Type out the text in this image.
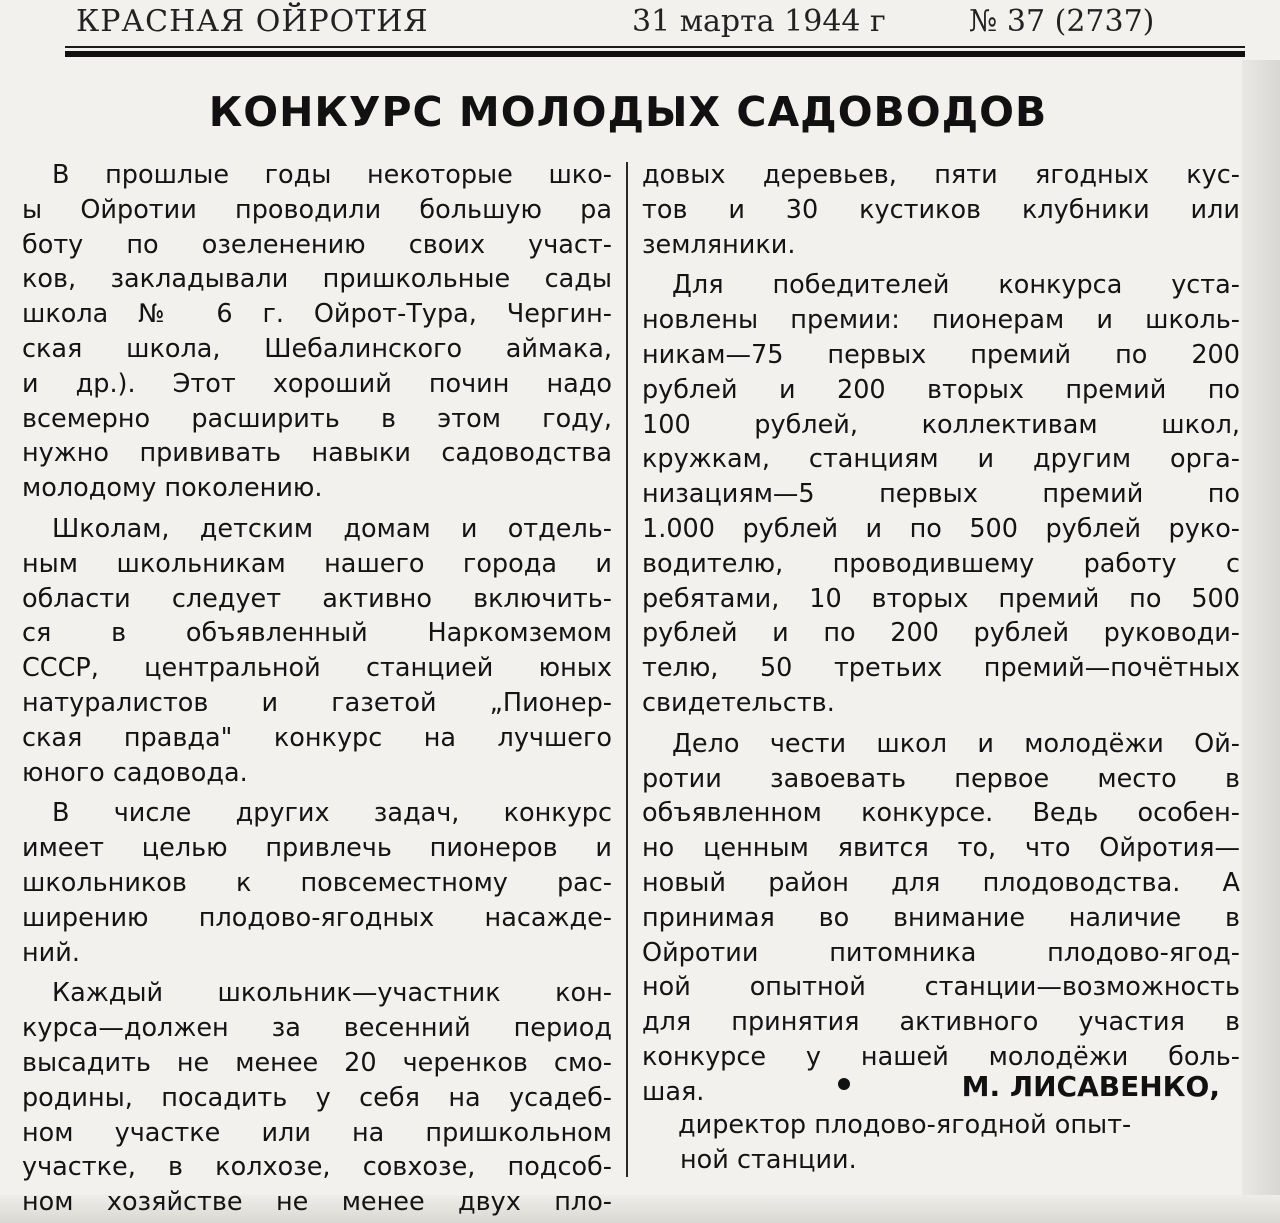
КРАСНАЯ ОЙРОТИЯ	31 марта 1944 г	№ 37 (2737)
КОНКУРС МОЛОДЫХ САДОВОДОВ
В прошлые годы некоторые шко-
ы Ойротии проводили большую ра
боту по озеленению своих участ-
ков, закладывали пришкольные сады
школа № 6 г. Ойрот-Тура, Чергин-
ская школа, Шебалинского аймака,
и др.). Этот хороший почин надо
всемерно расширить в этом году,
нужно прививать навыки садоводства
молодому поколению.
Школам, детским домам и отдель-
ным школьникам нашего города и
области следует активно включить-
ся в объявленный Наркомземом
СССР, центральной станцией юных
натуралистов и газетой „Пионер-
ская правда" конкурс на лучшего
юного садовода.
В числе других задач, конкурс
имеет целью привлечь пионеров и
школьников к повсеместному рас-
ширению плодово-ягодных насажде-
ний.
Каждый школьник—участник кон-
курса—должен за весенний период
высадить не менее 20 черенков смо-
родины, посадить у себя на усадеб-
ном участке или на пришкольном
участке, в колхозе, совхозе, подсоб-
ном хозяйстве не менее двух пло-
довых деревьев, пяти ягодных кус-
тов и 30 кустиков клубники или
земляники.
Для победителей конкурса уста-
новлены премии: пионерам и школь-
никам—75 первых премий по 200
рублей и 200 вторых премий по
100 рублей, коллективам школ,
кружкам, станциям и другим орга-
низациям—5 первых премий по
1.000 рублей и по 500 рублей руко-
водителю, проводившему работу с
ребятами, 10 вторых премий по 500
рублей и по 200 рублей руководи-
телю, 50 третьих премий—почётных
свидетельств.
Дело чести школ и молодёжи Ой-
ротии завоевать первое место в
объявленном конкурсе. Ведь особен-
но ценным явится то, что Ойротия—
новый район для плодоводства. А
принимая во внимание наличие в
Ойротии питомника плодово-ягод-
ной опытной станции—возможность
для принятия активного участия в
конкурсе у нашей молодёжи боль-
шая.	М. ЛИСАВЕНКО,
директор плодово-ягодной опыт-
ной станции.
